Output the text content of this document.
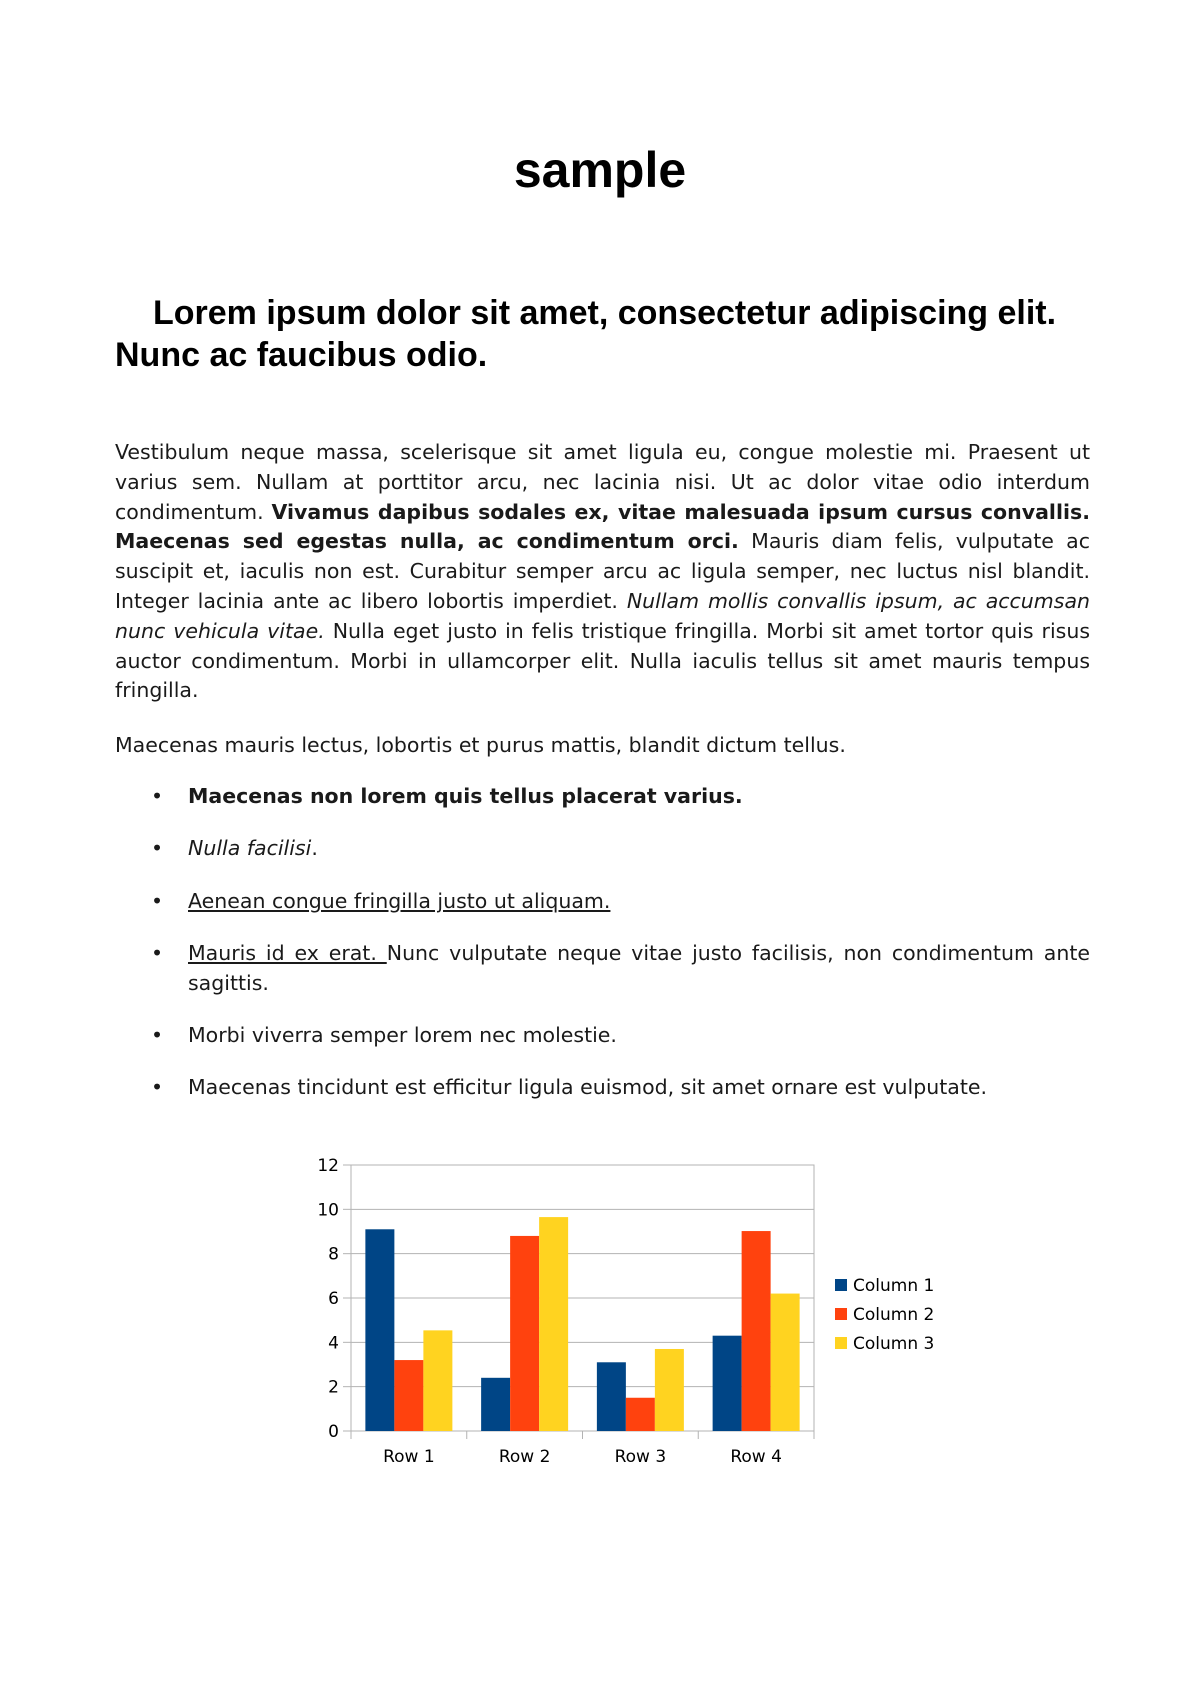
sample
Lorem ipsum dolor sit amet, consectetur adipiscing elit. Nunc ac faucibus odio.

Vestibulum neque massa, scelerisque sit amet ligula eu, congue molestie mi. Praesent ut varius sem. Nullam at porttitor arcu, nec lacinia nisi. Ut ac dolor vitae odio interdum condimentum. Vivamus dapibus sodales ex, vitae malesuada ipsum cursus convallis. Maecenas sed egestas nulla, ac condimentum orci. Mauris diam felis, vulputate ac suscipit et, iaculis non est. Curabitur semper arcu ac ligula semper, nec luctus nisl blandit. Integer lacinia ante ac libero lobortis imperdiet. Nullam mollis convallis ipsum, ac accumsan nunc vehicula vitae. Nulla eget justo in felis tristique fringilla. Morbi sit amet tortor quis risus auctor condimentum. Morbi in ullamcorper elit. Nulla iaculis tellus sit amet mauris tempus fringilla.

Maecenas mauris lectus, lobortis et purus mattis, blandit dictum tellus.

• Maecenas non lorem quis tellus placerat varius.
• Nulla facilisi.
• Aenean congue fringilla justo ut aliquam.
• Mauris id ex erat. Nunc vulputate neque vitae justo facilisis, non condimentum ante sagittis.
• Morbi viverra semper lorem nec molestie.
• Maecenas tincidunt est efficitur ligula euismod, sit amet ornare est vulputate.
0
2
4
6
8
10
12
Row 1	Row 2	Row 3	Row 4
Column 1
Column 2
Column 3
